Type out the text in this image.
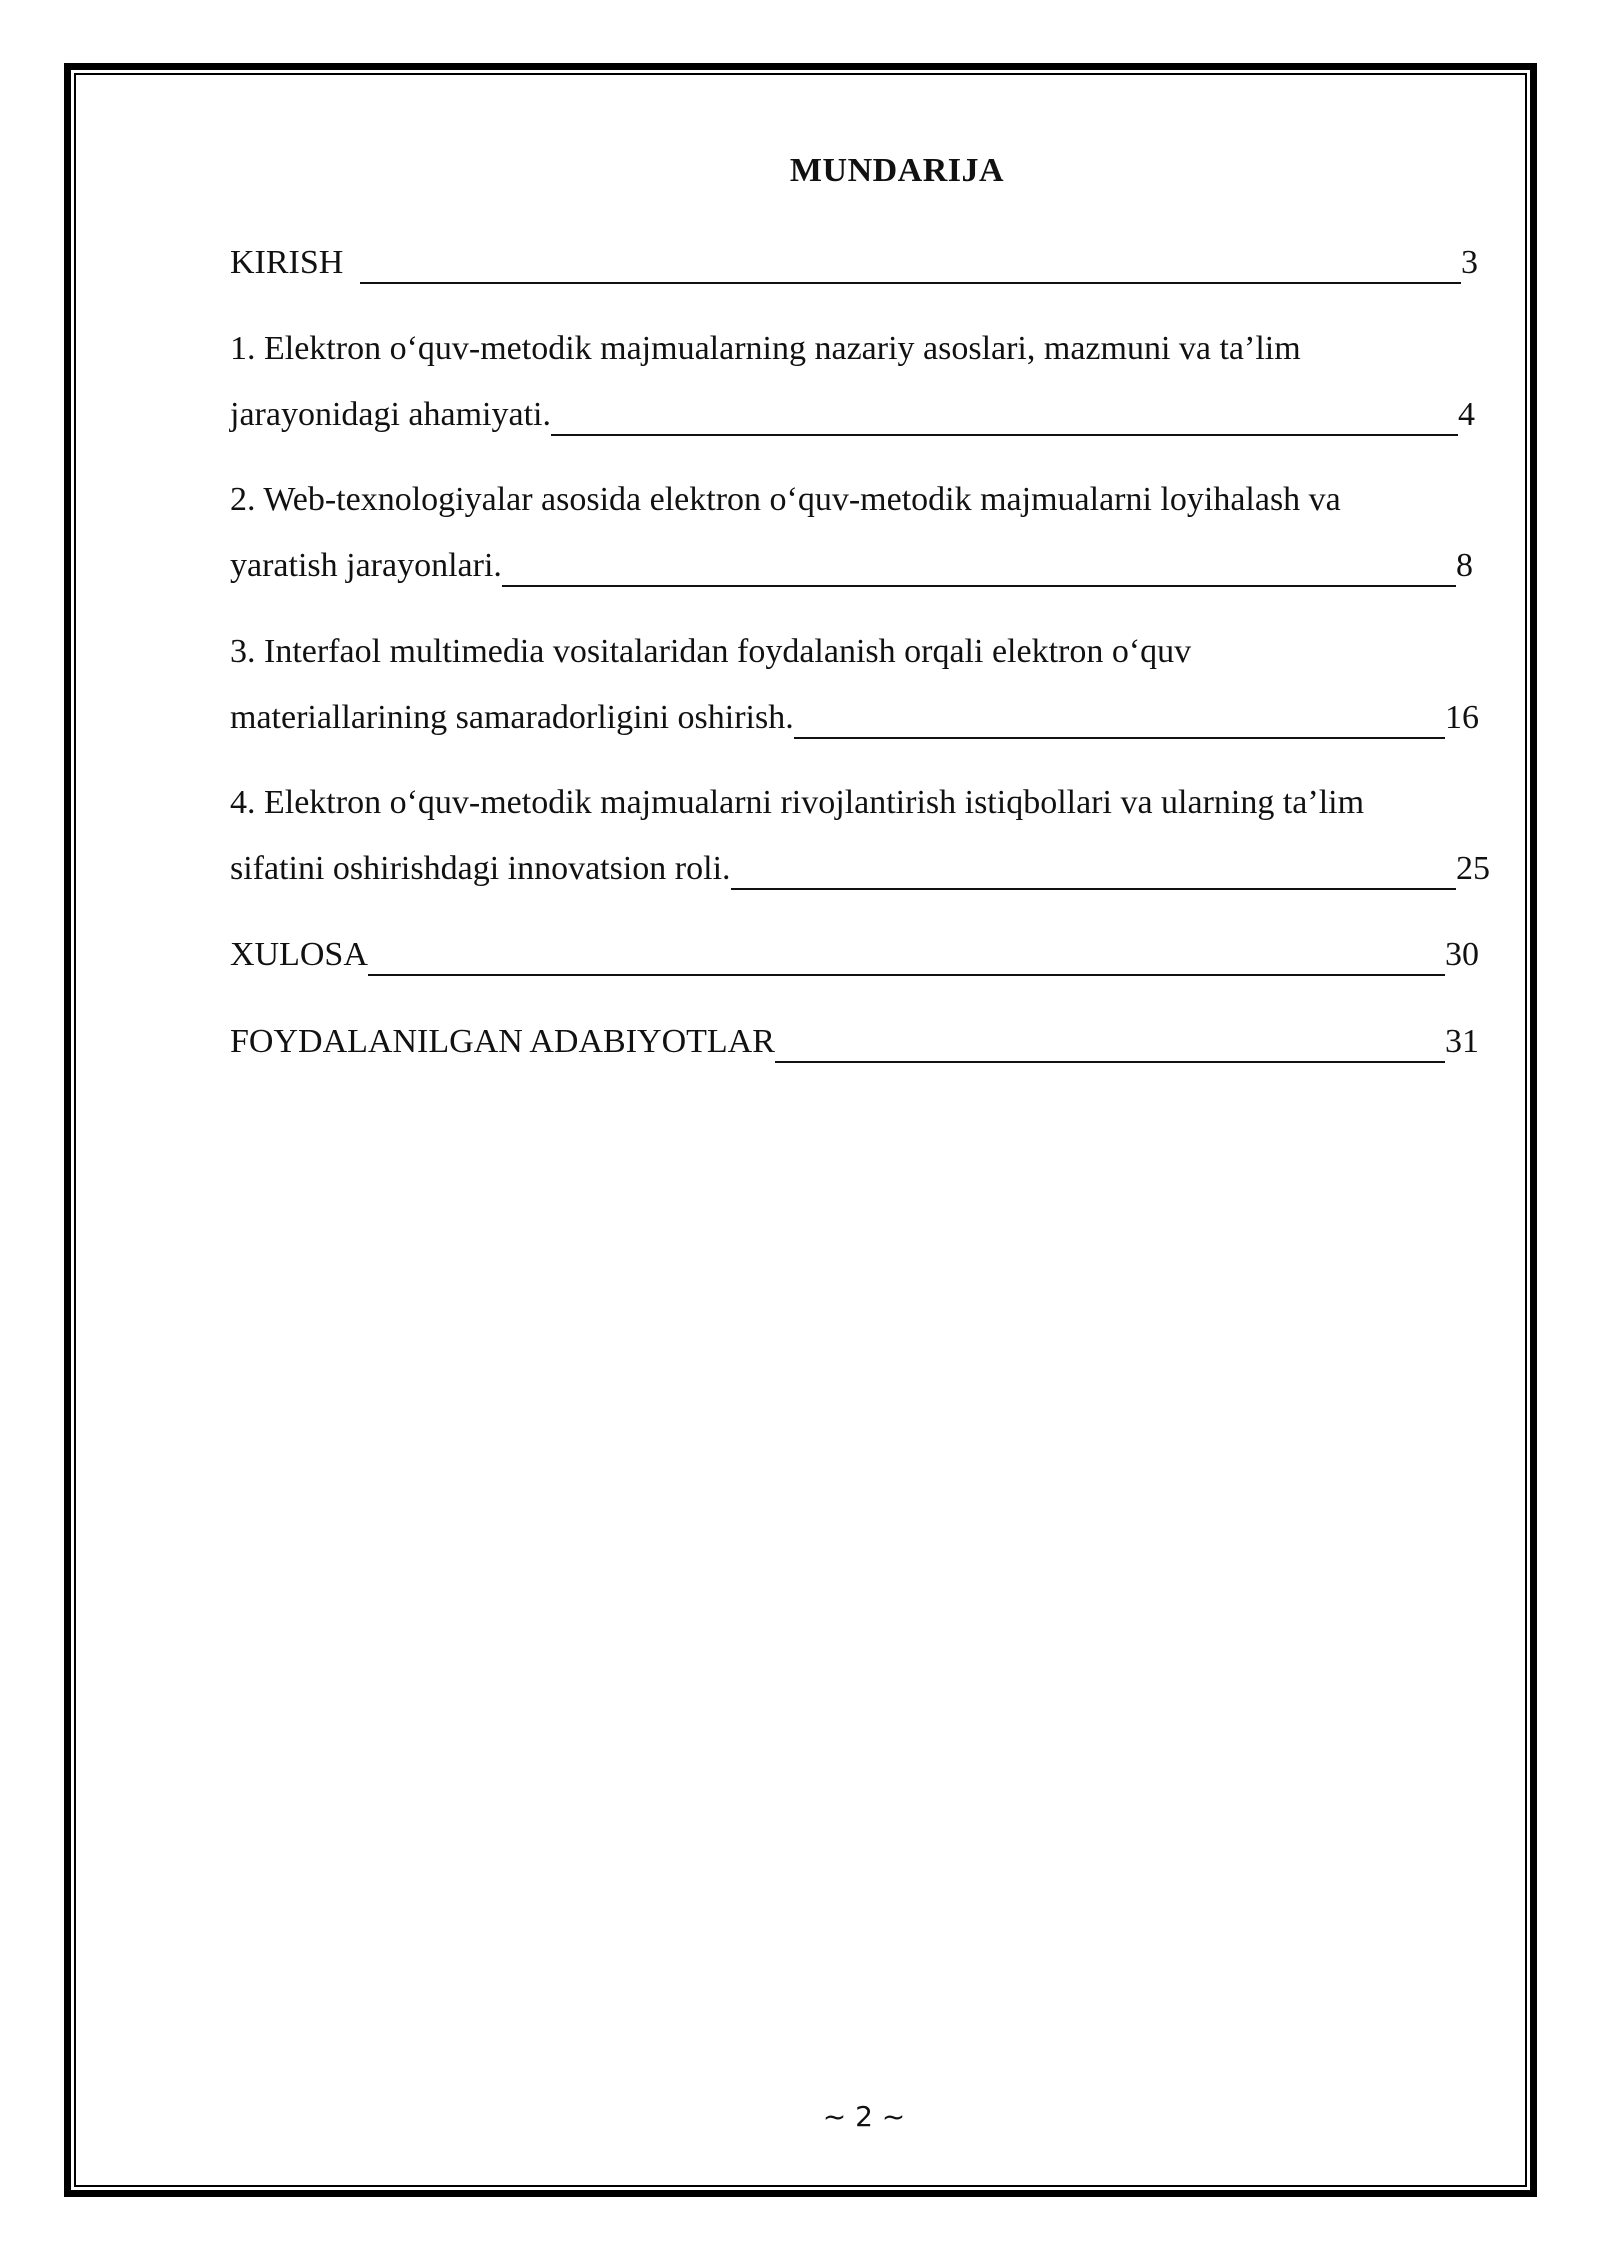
MUNDARIJA
KIRISH	3
1. Elektron o‘quv-metodik majmualarning nazariy asoslari, mazmuni va ta’lim
jarayonidagi ahamiyati.	4
2. Web-texnologiyalar asosida elektron o‘quv-metodik majmualarni loyihalash va
yaratish jarayonlari.	8
3. Interfaol multimedia vositalaridan foydalanish orqali elektron o‘quv
materiallarining samaradorligini oshirish.	16
4. Elektron o‘quv-metodik majmualarni rivojlantirish istiqbollari va ularning ta’lim
sifatini oshirishdagi innovatsion roli.	25
XULOSA	30
FOYDALANILGAN ADABIYOTLAR	31
~ 2 ~
